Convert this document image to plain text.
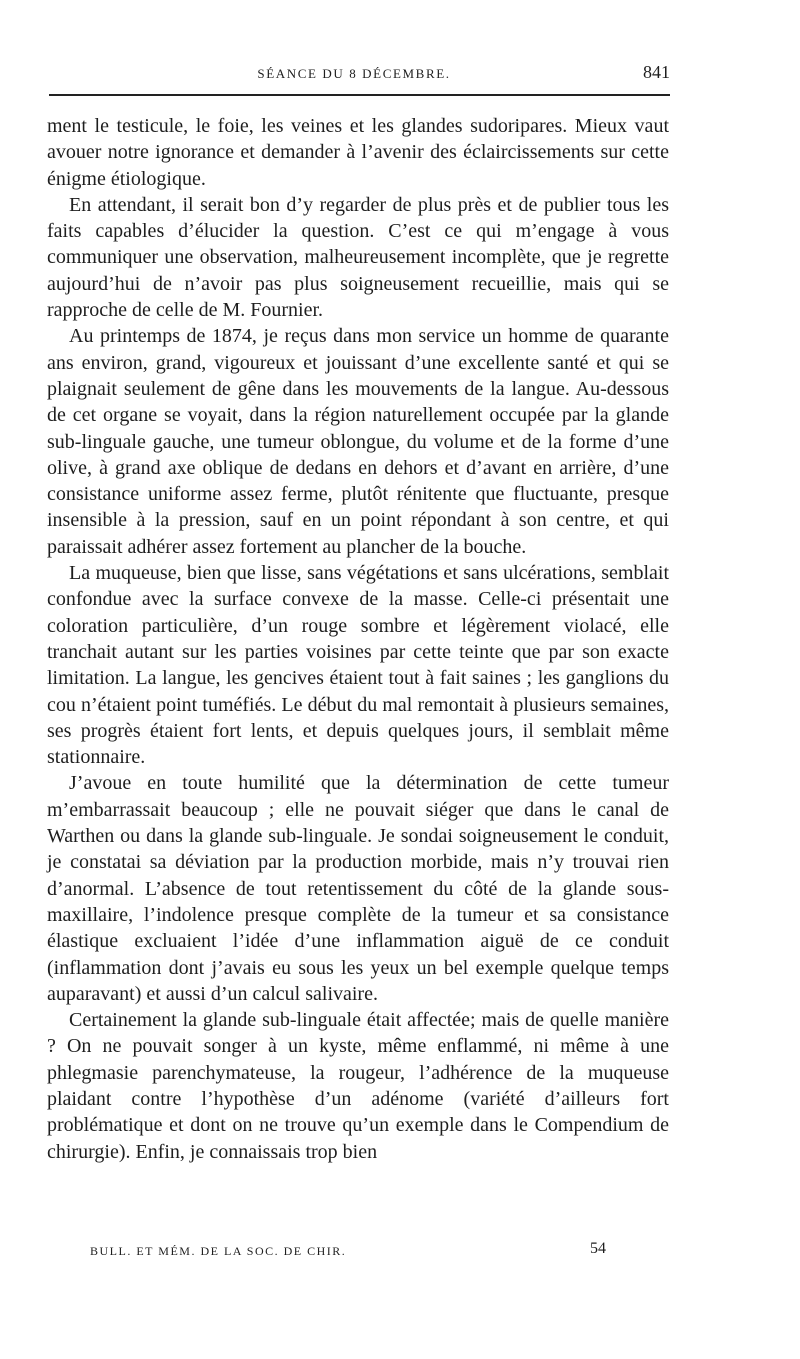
SÉANCE DU 8 DÉCEMBRE.	841

ment le testicule, le foie, les veines et les glandes sudoripares. Mieux vaut avouer notre ignorance et demander à l’avenir des éclaircissements sur cette énigme étiologique.

En attendant, il serait bon d’y regarder de plus près et de publier tous les faits capables d’élucider la question. C’est ce qui m’engage à vous communiquer une observation, malheureusement incomplète, que je regrette aujourd’hui de n’avoir pas plus soigneusement recueillie, mais qui se rapproche de celle de M. Fournier.

Au printemps de 1874, je reçus dans mon service un homme de quarante ans environ, grand, vigoureux et jouissant d’une excellente santé et qui se plaignait seulement de gêne dans les mouvements de la langue. Au-dessous de cet organe se voyait, dans la région naturellement occupée par la glande sub-linguale gauche, une tumeur oblongue, du volume et de la forme d’une olive, à grand axe oblique de dedans en dehors et d’avant en arrière, d’une consistance uniforme assez ferme, plutôt rénitente que fluctuante, presque insensible à la pression, sauf en un point répondant à son centre, et qui paraissait adhérer assez fortement au plancher de la bouche.

La muqueuse, bien que lisse, sans végétations et sans ulcérations, semblait confondue avec la surface convexe de la masse. Celle-ci présentait une coloration particulière, d’un rouge sombre et légèrement violacé, elle tranchait autant sur les parties voisines par cette teinte que par son exacte limitation. La langue, les gencives étaient tout à fait saines ; les ganglions du cou n’étaient point tuméfiés. Le début du mal remontait à plusieurs semaines, ses progrès étaient fort lents, et depuis quelques jours, il semblait même stationnaire.

J’avoue en toute humilité que la détermination de cette tumeur m’embarrassait beaucoup ; elle ne pouvait siéger que dans le canal de Warthen ou dans la glande sub-linguale. Je sondai soigneusement le conduit, je constatai sa déviation par la production morbide, mais n’y trouvai rien d’anormal. L’absence de tout retentissement du côté de la glande sous-maxillaire, l’indolence presque complète de la tumeur et sa consistance élastique excluaient l’idée d’une inflammation aiguë de ce conduit (inflammation dont j’avais eu sous les yeux un bel exemple quelque temps auparavant) et aussi d’un calcul salivaire.

Certainement la glande sub-linguale était affectée; mais de quelle manière ? On ne pouvait songer à un kyste, même enflammé, ni même à une phlegmasie parenchymateuse, la rougeur, l’adhérence de la muqueuse plaidant contre l’hypothèse d’un adénome (variété d’ailleurs fort problématique et dont on ne trouve qu’un exemple dans le Compendium de chirurgie). Enfin, je connaissais trop bien

BULL. ET MÉM. DE LA SOC. DE CHIR.	54
